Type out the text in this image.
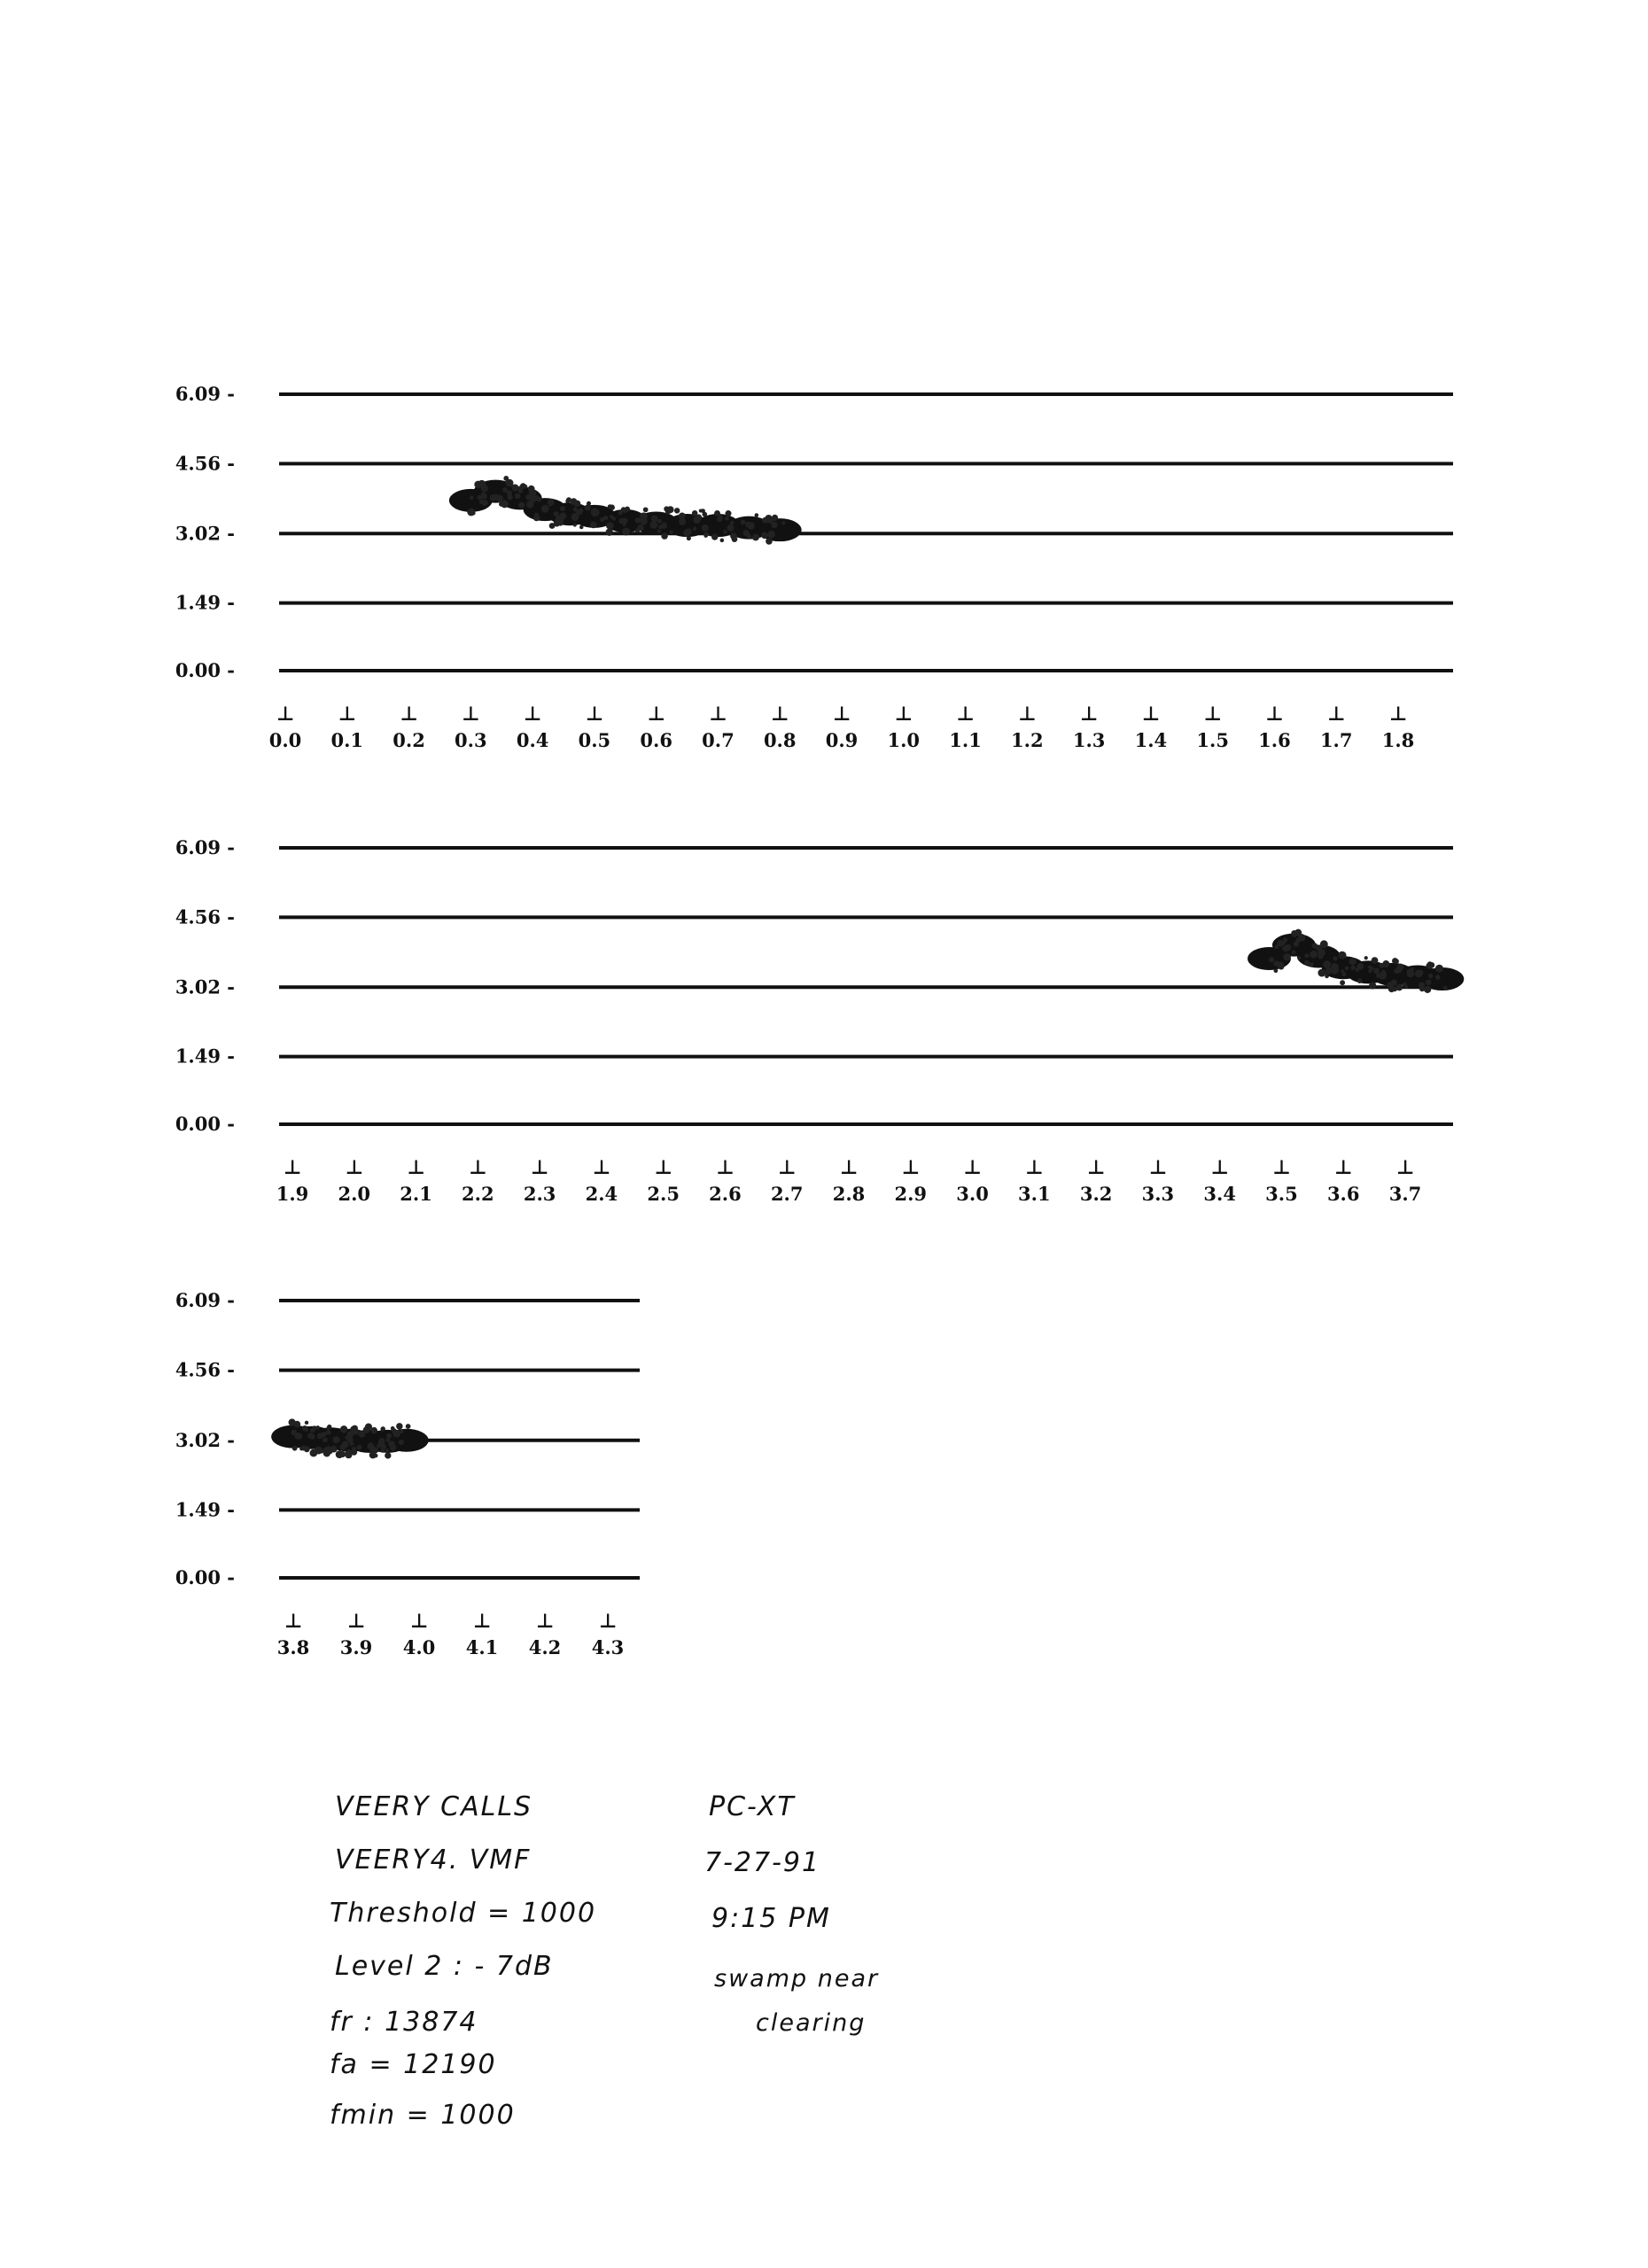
6.09 -
4.56 -
3.02 -
1.49 -
0.00 -
⊥
0.0
⊥
0.1
⊥
0.2
⊥
0.3
⊥
0.4
⊥
0.5
⊥
0.6
⊥
0.7
⊥
0.8
⊥
0.9
⊥
1.0
⊥
1.1
⊥
1.2
⊥
1.3
⊥
1.4
⊥
1.5
⊥
1.6
⊥
1.7
⊥
1.8
6.09 -
4.56 -
3.02 -
1.49 -
0.00 -
⊥
1.9
⊥
2.0
⊥
2.1
⊥
2.2
⊥
2.3
⊥
2.4
⊥
2.5
⊥
2.6
⊥
2.7
⊥
2.8
⊥
2.9
⊥
3.0
⊥
3.1
⊥
3.2
⊥
3.3
⊥
3.4
⊥
3.5
⊥
3.6
⊥
3.7
6.09 -
4.56 -
3.02 -
1.49 -
0.00 -
⊥
3.8
⊥
3.9
⊥
4.0
⊥
4.1
⊥
4.2
⊥
4.3
VEERY CALLS
VEERY4. VMF
Threshold = 1000
Level 2 : - 7dB
fr : 13874
fa = 12190
fmin = 1000
PC-XT
7-27-91
9:15 PM
swamp near
clearing
